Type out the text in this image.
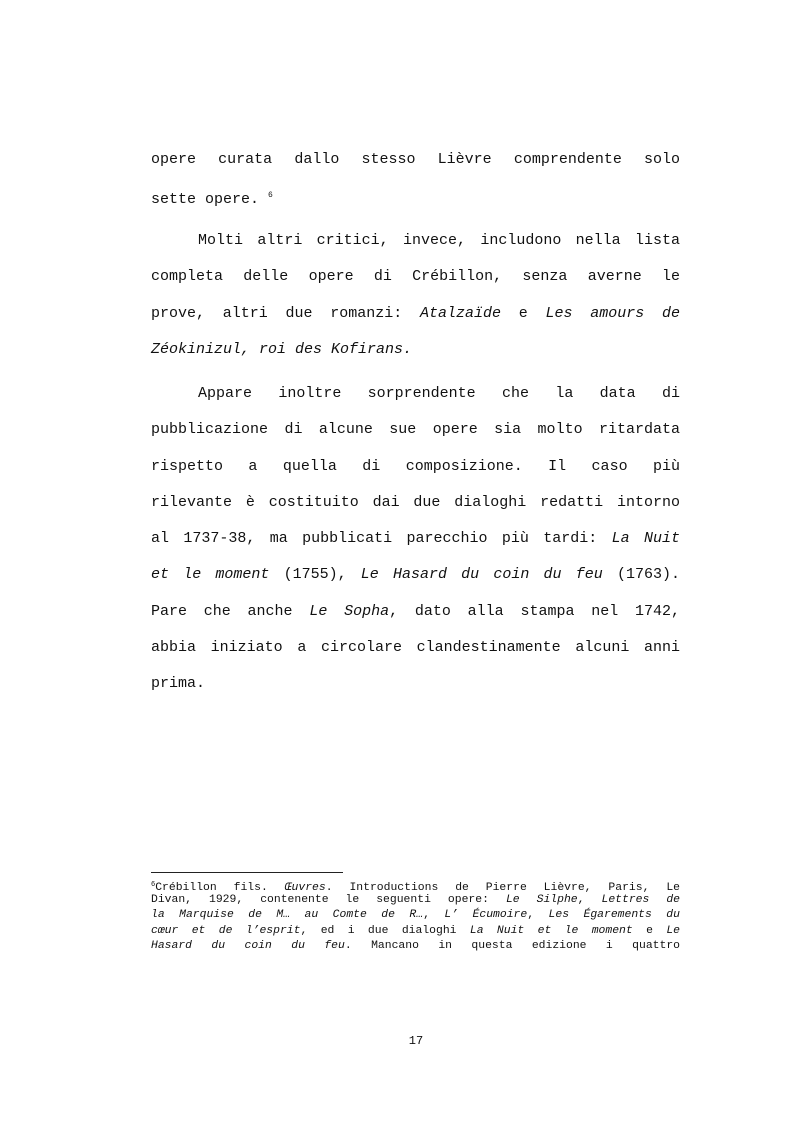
opere curata dallo stesso Lièvre comprendente solo
sette opere. $^6$
Molti altri critici, invece, includono nella lista
completa delle opere di Crébillon, senza averne le
prove, altri due romanzi: Atalzaïde e Les amours de
Zéokinizul, roi des Kofirans.
Appare inoltre sorprendente che la data di
pubblicazione di alcune sue opere sia molto ritardata
rispetto a quella di composizione. Il caso più
rilevante è costituito dai due dialoghi redatti intorno
al 1737-38, ma pubblicati parecchio più tardi: La Nuit
et le moment (1755), Le Hasard du coin du feu (1763).
Pare che anche Le Sopha, dato alla stampa nel 1742,
abbia iniziato a circolare clandestinamente alcuni anni
prima.
$^6$Crébillon fils. Œuvres. Introductions de Pierre Lièvre, Paris, Le
Divan, 1929, contenente le seguenti opere: Le Silphe, Lettres de
la Marquise de M… au Comte de R…, L’ Écumoire, Les Égarements du
cœur et de l’esprit, ed i due dialoghi La Nuit et le moment e Le
Hasard du coin du feu. Mancano in questa edizione i quattro
17
